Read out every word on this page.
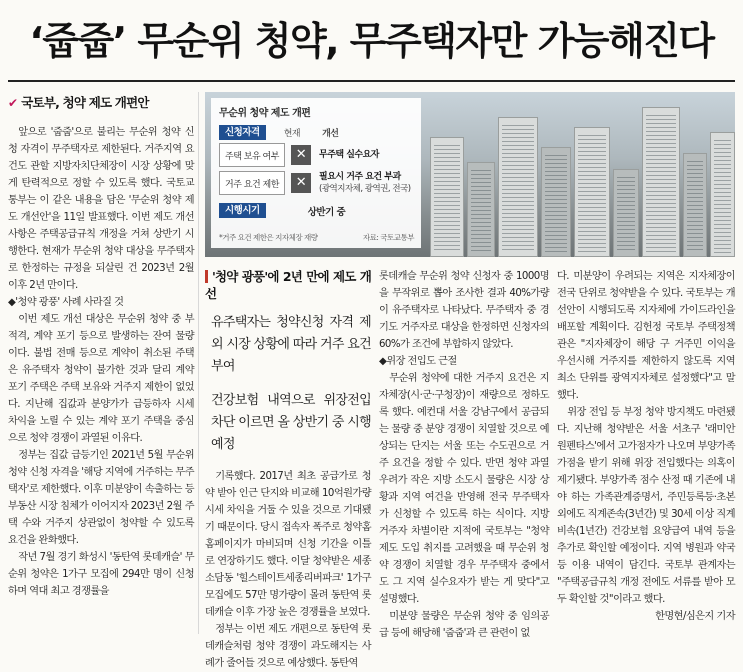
‘줍줍’ 무순위 청약, 무주택자만 가능해진다
✔ 국토부, 청약 제도 개편안

앞으로 '줍줍'으로 불리는 무순위 청약 신청 자격이 무주택자로 제한된다. 거주지역 요건도 관할 지방자치단체장이 시장 상황에 맞게 탄력적으로 정할 수 있도록 했다. 국토교통부는 이 같은 내용을 담은 '무순위 청약 제도 개선안'을 11일 발표했다. 이번 제도 개선 사항은 주택공급규칙 개정을 거쳐 상반기 시행한다. 현재가 무순위 청약 대상을 무주택자로 한정하는 규정을 되살린 건 2023년 2월 이후 2년 만이다.

◆'청약 광풍' 사례 사라질 것

이번 제도 개선 대상은 무순위 청약 중 부적격, 계약 포기 등으로 발생하는 잔여 물량이다. 불법 전매 등으로 계약이 취소된 주택은 유주택자 청약이 불가한 것과 달리 계약 포기 주택은 주택 보유와 거주지 제한이 없었다. 지난해 집값과 분양가가 급등하자 시세 차익을 노릴 수 있는 계약 포기 주택을 중심으로 청약 경쟁이 과열된 이유다.

정부는 집값 급등기인 2021년 5월 무순위 청약 신청 자격을 '해당 지역에 거주하는 무주택자'로 제한했다. 이후 미분양이 속출하는 등 부동산 시장 침체가 이어지자 2023년 2월 주택 수와 거주지 상관없이 청약할 수 있도록 요건을 완화했다.

작년 7월 경기 화성시 '동탄역 롯데캐슬' 무순위 청약은 1가구 모집에 294만 명이 신청하며 역대 최고 경쟁률을

무순위 청약 제도 개편
신청자격	현재 개선
주택 보유 여부	✕	무주택 실수요자
거주 요건 제한	✕	필요시 거주 요건 부과
(광역지자체, 광역권, 전국)
시행시기	상반기 중
*거주 요건 제한은 지자체장 재량	자료: 국토교통부
'청약 광풍'에 2년 만에 제도 개선
유주택자는 청약신청 자격 제외 시장 상황에 따라 거주 요건 부여
건강보험 내역으로 위장전입 차단 이르면 올 상반기 중 시행 예정

기록했다. 2017년 최초 공급가로 청약 받아 인근 단지와 비교해 10억원가량 시세 차익을 거둘 수 있을 것으로 기대됐기 때문이다. 당시 접속자 폭주로 청약홈 홈페이지가 마비되며 신청 기간을 이틀로 연장하기도 했다. 이달 청약받은 세종 소담동 '힐스테이트세종리버파크' 1가구 모집에도 57만 명가량이 몰려 동탄역 롯데캐슬 이후 가장 높은 경쟁률을 보였다.

정부는 이번 제도 개편으로 동탄역 롯데캐슬처럼 청약 경쟁이 과도해지는 사례가 줄어들 것으로 예상했다. 동탄역

롯데캐슬 무순위 청약 신청자 중 1000명을 무작위로 뽑아 조사한 결과 40%가량이 유주택자로 나타났다. 무주택자 중 경기도 거주자로 대상을 한정하면 신청자의 60%가 조건에 부합하지 않았다.

◆위장 전입도 근절

무순위 청약에 대한 거주지 요건은 지자체장(시·군·구청장)이 재량으로 정하도록 했다. 예컨대 서울 강남구에서 공급되는 물량 중 분양 경쟁이 치열할 것으로 예상되는 단지는 서울 또는 수도권으로 거주 요건을 정할 수 있다. 반면 청약 과열 우려가 작은 지방 소도시 물량은 시장 상황과 지역 여건을 반영해 전국 무주택자가 신청할 수 있도록 하는 식이다. 지방 거주자 차별이란 지적에 국토부는 "청약 제도 도입 취지를 고려했을 때 무순위 청약 경쟁이 치열할 경우 무주택자 중에서도 그 지역 실수요자가 받는 게 맞다"고 설명했다.

미분양 물량은 무순위 청약 중 임의공급 등에 해당해 '줍줍'과 큰 관련이 없

다. 미분양이 우려되는 지역은 지자체장이 전국 단위로 청약받을 수 있다. 국토부는 개선안이 시행되도록 지자체에 가이드라인을 배포할 계획이다. 김헌정 국토부 주택정책관은 "지자체장이 해당 구 거주민 이익을 우선시해 거주지를 제한하지 않도록 지역 최소 단위를 광역지자체로 설정했다"고 말했다.

위장 전입 등 부정 청약 방지책도 마련됐다. 지난해 청약받은 서울 서초구 '래미안 원펜타스'에서 고가점자가 나오며 부양가족 가점을 받기 위해 위장 전입했다는 의혹이 제기됐다. 부양가족 점수 산정 때 기존에 내야 하는 가족관계증명서, 주민등록등·초본 외에도 직계존속(3년간) 및 30세 이상 직계비속(1년간) 건강보험 요양급여 내역 등을 추가로 확인할 예정이다. 지역 병원과 약국 등 이용 내역이 담긴다. 국토부 관계자는 "주택공급규칙 개정 전에도 서류를 받아 모두 확인할 것"이라고 했다.

한명현/심은지 기자
